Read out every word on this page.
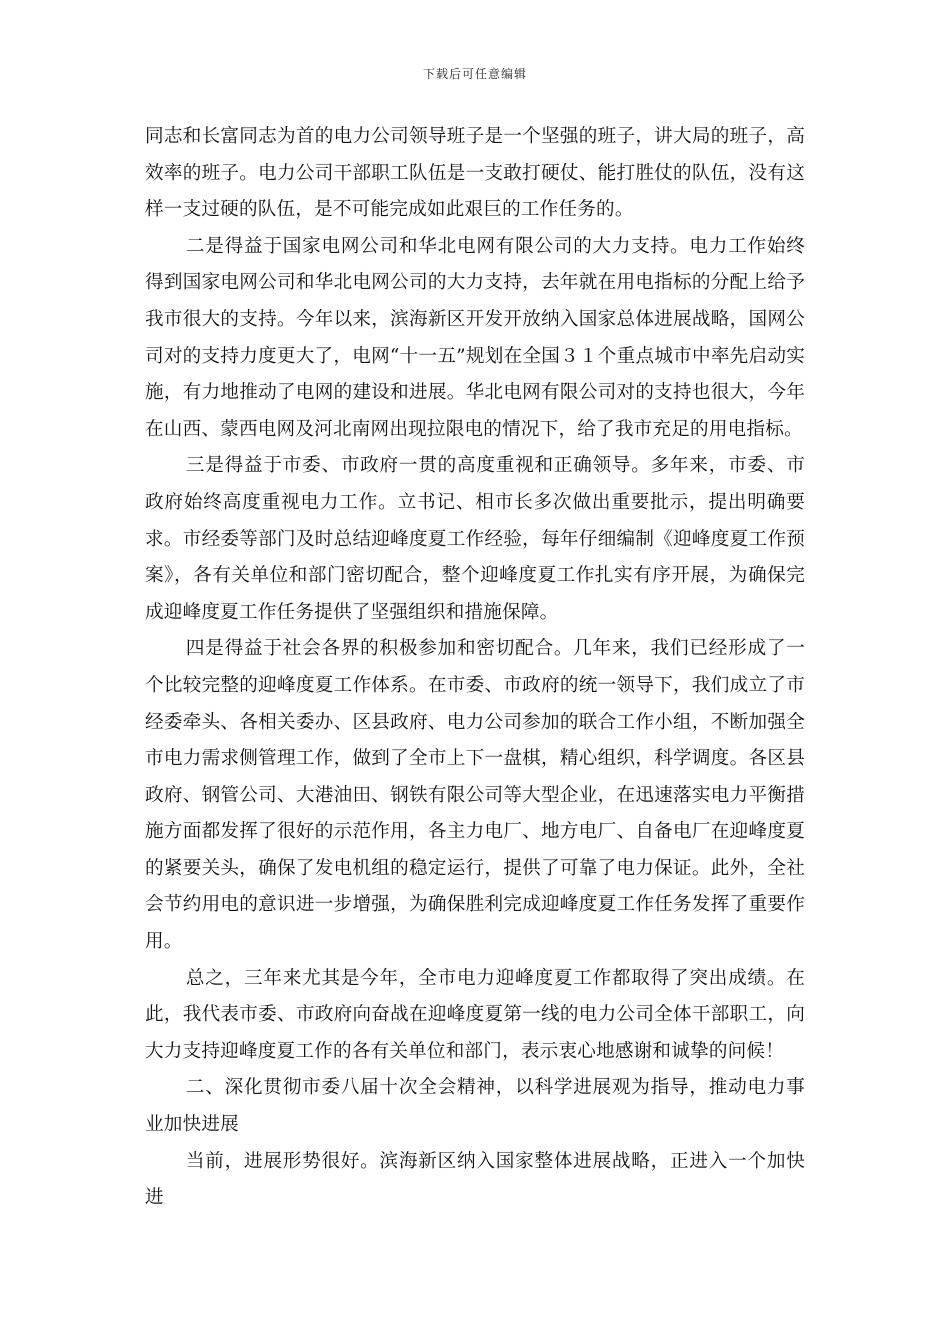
下载后可任意编辑

同志和长富同志为首的电力公司领导班子是一个坚强的班子，讲大局的班子，高效率的班子。电力公司干部职工队伍是一支敢打硬仗、能打胜仗的队伍，没有这样一支过硬的队伍，是不可能完成如此艰巨的工作任务的。

二是得益于国家电网公司和华北电网有限公司的大力支持。电力工作始终得到国家电网公司和华北电网公司的大力支持，去年就在用电指标的分配上给予我市很大的支持。今年以来，滨海新区开发开放纳入国家总体进展战略，国网公司对的支持力度更大了，电网“十一五”规划在全国３１个重点城市中率先启动实施，有力地推动了电网的建设和进展。华北电网有限公司对的支持也很大，今年在山西、蒙西电网及河北南网出现拉限电的情况下，给了我市充足的用电指标。

三是得益于市委、市政府一贯的高度重视和正确领导。多年来，市委、市政府始终高度重视电力工作。立书记、相市长多次做出重要批示，提出明确要求。市经委等部门及时总结迎峰度夏工作经验，每年仔细编制《迎峰度夏工作预案》，各有关单位和部门密切配合，整个迎峰度夏工作扎实有序开展，为确保完成迎峰度夏工作任务提供了坚强组织和措施保障。

四是得益于社会各界的积极参加和密切配合。几年来，我们已经形成了一个比较完整的迎峰度夏工作体系。在市委、市政府的统一领导下，我们成立了市经委牵头、各相关委办、区县政府、电力公司参加的联合工作小组，不断加强全市电力需求侧管理工作，做到了全市上下一盘棋，精心组织，科学调度。各区县政府、钢管公司、大港油田、钢铁有限公司等大型企业，在迅速落实电力平衡措施方面都发挥了很好的示范作用，各主力电厂、地方电厂、自备电厂在迎峰度夏的紧要关头，确保了发电机组的稳定运行，提供了可靠了电力保证。此外，全社会节约用电的意识进一步增强，为确保胜利完成迎峰度夏工作任务发挥了重要作用。

总之，三年来尤其是今年，全市电力迎峰度夏工作都取得了突出成绩。在此，我代表市委、市政府向奋战在迎峰度夏第一线的电力公司全体干部职工，向大力支持迎峰度夏工作的各有关单位和部门，表示衷心地感谢和诚挚的问候！

二、深化贯彻市委八届十次全会精神，以科学进展观为指导，推动电力事业加快进展

当前，进展形势很好。滨海新区纳入国家整体进展战略，正进入一个加快进
